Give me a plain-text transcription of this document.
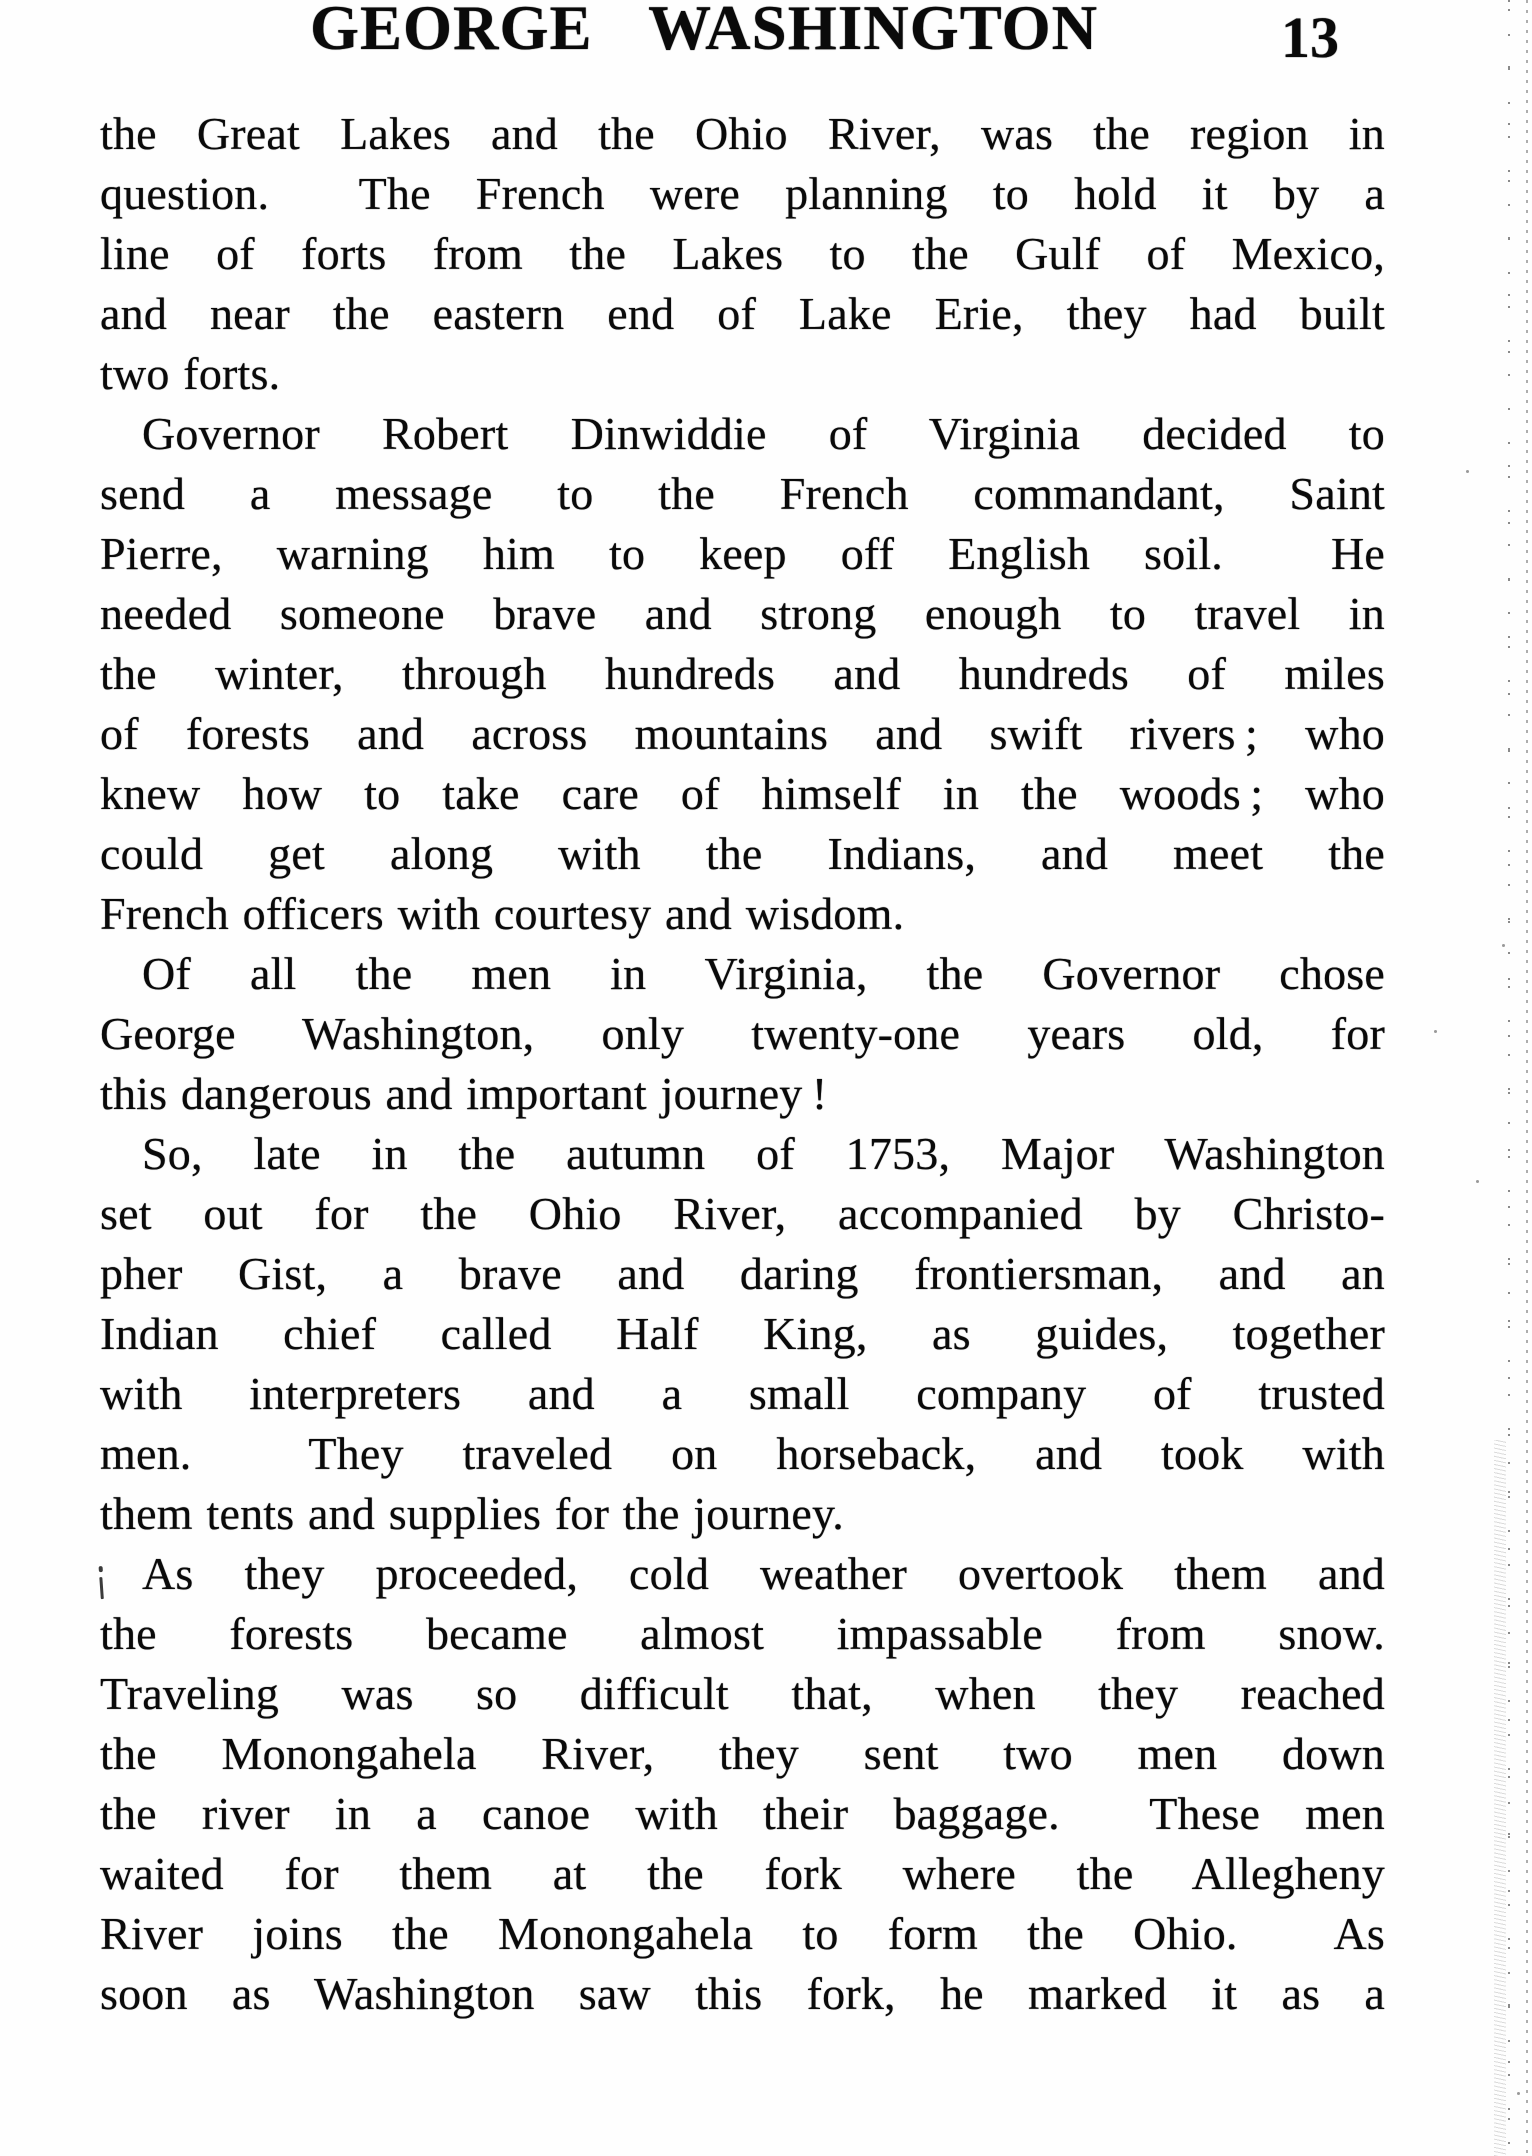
GEORGE WASHINGTON	13
the Great Lakes and the Ohio River, was the region in
question.  The French were planning to hold it by a
line of forts from the Lakes to the Gulf of Mexico,
and near the eastern end of Lake Erie, they had built
two forts.
Governor Robert Dinwiddie of Virginia decided to
send a message to the French commandant, Saint
Pierre, warning him to keep off English soil.  He
needed someone brave and strong enough to travel in
the winter, through hundreds and hundreds of miles
of forests and across mountains and swift rivers ; who
knew how to take care of himself in the woods ; who
could get along with the Indians, and meet the
French officers with courtesy and wisdom.
Of all the men in Virginia, the Governor chose
George Washington, only twenty-one years old, for
this dangerous and important journey !
So, late in the autumn of 1753, Major Washington
set out for the Ohio River, accompanied by Christo-
pher Gist, a brave and daring frontiersman, and an
Indian chief called Half King, as guides, together
with interpreters and a small company of trusted
men.  They traveled on horseback, and took with
them tents and supplies for the journey.
As they proceeded, cold weather overtook them and
the forests became almost impassable from snow.
Traveling was so difficult that, when they reached
the Monongahela River, they sent two men down
the river in a canoe with their baggage.  These men
waited for them at the fork where the Allegheny
River joins the Monongahela to form the Ohio.  As
soon as Washington saw this fork, he marked it as a
